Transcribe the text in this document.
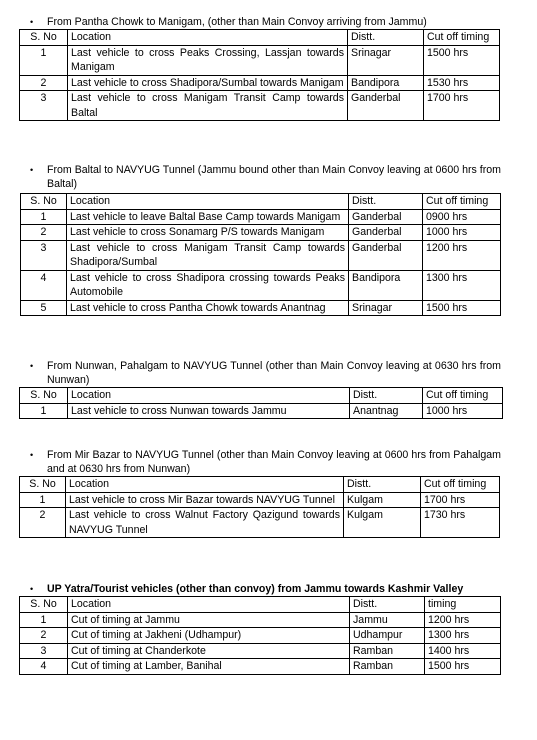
• From Pantha Chowk to Manigam, (other than Main Convoy arriving from Jammu)
S. No	Location	Distt.	Cut off timing
1	Last vehicle to cross Peaks Crossing, Lassjan towards Manigam	Srinagar	1500 hrs
2	Last vehicle to cross Shadipora/Sumbal towards Manigam	Bandipora	1530 hrs
3	Last vehicle to cross Manigam Transit Camp towards Baltal	Ganderbal	1700 hrs
• From Baltal to NAVYUG Tunnel (Jammu bound other than Main Convoy leaving at 0600 hrs from Baltal)
S. No	Location	Distt.	Cut off timing
1	Last vehicle to leave Baltal Base Camp towards Manigam	Ganderbal	0900 hrs
2	Last vehicle to cross Sonamarg P/S towards Manigam	Ganderbal	1000 hrs
3	Last vehicle to cross Manigam Transit Camp towards Shadipora/Sumbal	Ganderbal	1200 hrs
4	Last vehicle to cross Shadipora crossing towards Peaks Automobile	Bandipora	1300 hrs
5	Last vehicle to cross Pantha Chowk towards Anantnag	Srinagar	1500 hrs
• From Nunwan, Pahalgam to NAVYUG Tunnel (other than Main Convoy leaving at 0630 hrs from Nunwan)
S. No	Location	Distt.	Cut off timing
1	Last vehicle to cross Nunwan towards Jammu	Anantnag	1000 hrs
• From Mir Bazar to NAVYUG Tunnel (other than Main Convoy leaving at 0600 hrs from Pahalgam and at 0630 hrs from Nunwan)
S. No	Location	Distt.	Cut off timing
1	Last vehicle to cross Mir Bazar towards NAVYUG Tunnel	Kulgam	1700 hrs
2	Last vehicle to cross Walnut Factory Qazigund towards NAVYUG Tunnel	Kulgam	1730 hrs
• UP Yatra/Tourist vehicles (other than convoy) from Jammu towards Kashmir Valley
S. No	Location	Distt.	timing
1	Cut of timing at Jammu	Jammu	1200 hrs
2	Cut of timing at Jakheni (Udhampur)	Udhampur	1300 hrs
3	Cut of timing at Chanderkote	Ramban	1400 hrs
4	Cut of timing at Lamber, Banihal	Ramban	1500 hrs
